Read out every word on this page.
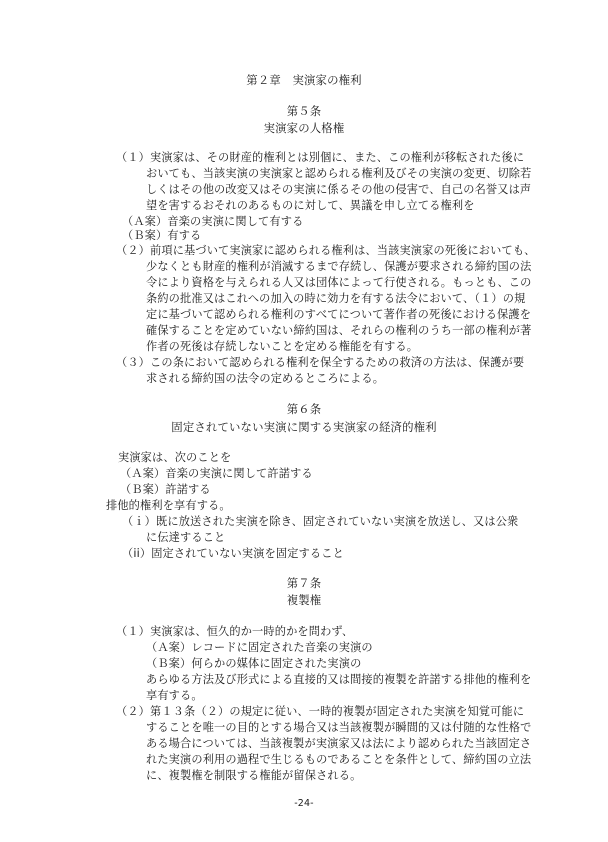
第２章　実演家の権利
第５条
実演家の人格権
（１）実演家は、その財産的権利とは別個に、また、この権利が移転された後に
おいても、当該実演の実演家と認められる権利及びその実演の変更、切除若
しくはその他の改変又はその実演に係るその他の侵害で、自己の名誉又は声
望を害するおそれのあるものに対して、異議を申し立てる権利を
（Ａ案）音楽の実演に関して有する
（Ｂ案）有する
（２）前項に基づいて実演家に認められる権利は、当該実演家の死後においても、
少なくとも財産的権利が消滅するまで存続し、保護が要求される締約国の法
令により資格を与えられる人又は団体によって行使される。もっとも、この
条約の批准又はこれへの加入の時に効力を有する法令において、（１）の規
定に基づいて認められる権利のすべてについて著作者の死後における保護を
確保することを定めていない締約国は、それらの権利のうち一部の権利が著
作者の死後は存続しないことを定める権能を有する。
（３）この条において認められる権利を保全するための救済の方法は、保護が要
求される締約国の法令の定めるところによる。
第６条
固定されていない実演に関する実演家の経済的権利
実演家は、次のことを
（Ａ案）音楽の実演に関して許諾する
（Ｂ案）許諾する
排他的権利を享有する。
（ｉ）既に放送された実演を除き、固定されていない実演を放送し、又は公衆
に伝達すること
（ii）固定されていない実演を固定すること
第７条
複製権
（１）実演家は、恒久的か一時的かを問わず、
（Ａ案）レコードに固定された音楽の実演の
（Ｂ案）何らかの媒体に固定された実演の
あらゆる方法及び形式による直接的又は間接的複製を許諾する排他的権利を
享有する。
（２）第１３条（２）の規定に従い、一時的複製が固定された実演を知覚可能に
することを唯一の目的とする場合又は当該複製が瞬間的又は付随的な性格で
ある場合については、当該複製が実演家又は法により認められた当該固定さ
れた実演の利用の過程で生じるものであることを条件として、締約国の立法
に、複製権を制限する権能が留保される。
-24-
